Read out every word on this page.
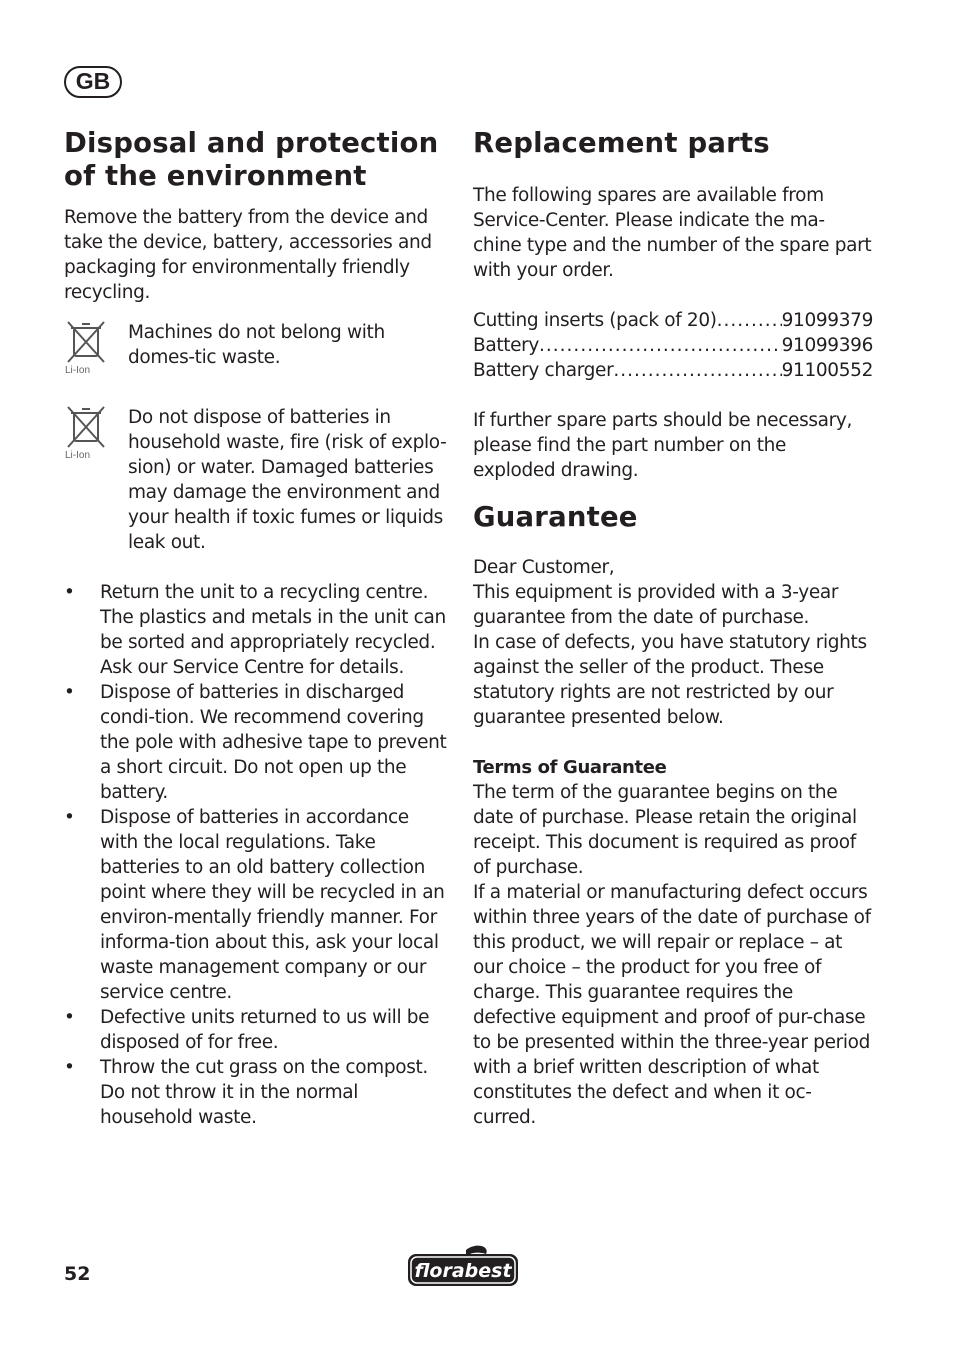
GB
Disposal and protection of the environment

Remove the battery from the device and take the device, battery, accessories and packaging for environmentally friendly recycling.

Li-Ion

Machines do not belong with domes-tic waste.

Li-Ion

Do not dispose of batteries in household waste, fire (risk of explo-sion) or water. Damaged batteries may damage the environment and your health if toxic fumes or liquids leak out.

• Return the unit to a recycling centre. The plastics and metals in the unit can be sorted and appropriately recycled. Ask our Service Centre for details.
• Dispose of batteries in discharged condi-tion. We recommend covering the pole with adhesive tape to prevent a short circuit. Do not open up the battery.
• Dispose of batteries in accordance with the local regulations. Take batteries to an old battery collection point where they will be recycled in an environ-mentally friendly manner. For informa-tion about this, ask your local waste management company or our service centre.
• Defective units returned to us will be disposed of for free.
• Throw the cut grass on the compost. Do not throw it in the normal household waste.
Replacement parts

The following spares are available from Service-Center. Please indicate the ma-chine type and the number of the spare part with your order.

Cutting inserts (pack of 20) .....	91099379
Battery .....	91099396
Battery charger .....	91100552

If further spare parts should be necessary, please find the part number on the exploded drawing.

Guarantee

Dear Customer,

This equipment is provided with a 3-year guarantee from the date of purchase.

In case of defects, you have statutory rights against the seller of the product. These statutory rights are not restricted by our guarantee presented below.

Terms of Guarantee

The term of the guarantee begins on the date of purchase. Please retain the original receipt. This document is required as proof of purchase.

If a material or manufacturing defect occurs within three years of the date of purchase of this product, we will repair or replace – at our choice – the product for you free of charge. This guarantee requires the defective equipment and proof of pur-chase to be presented within the three-year period with a brief written description of what constitutes the defect and when it oc-curred.

52	florabest
